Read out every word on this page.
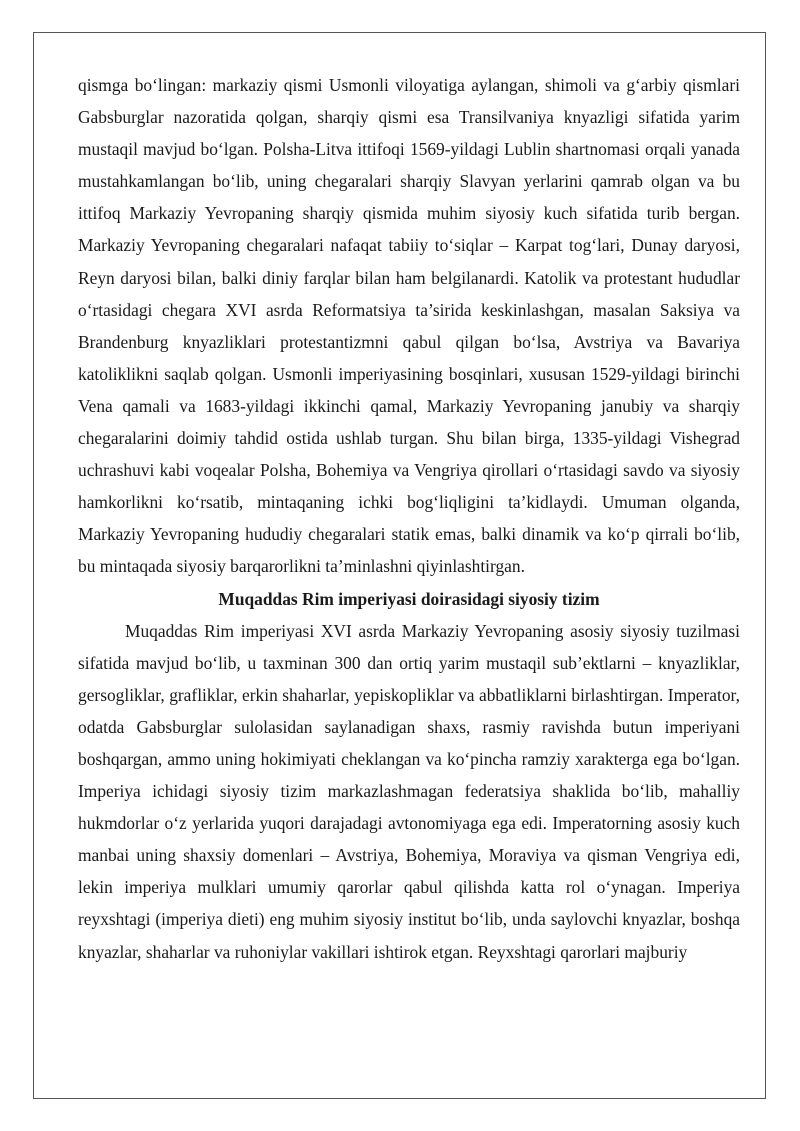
qismga bo‘lingan: markaziy qismi Usmonli viloyatiga aylangan, shimoli va g‘arbiy qismlari Gabsburglar nazoratida qolgan, sharqiy qismi esa Transilvaniya knyazligi sifatida yarim mustaqil mavjud bo‘lgan. Polsha-Litva ittifoqi 1569-yildagi Lublin shartnomasi orqali yanada mustahkamlangan bo‘lib, uning chegaralari sharqiy Slavyan yerlarini qamrab olgan va bu ittifoq Markaziy Yevropaning sharqiy qismida muhim siyosiy kuch sifatida turib bergan. Markaziy Yevropaning chegaralari nafaqat tabiiy to‘siqlar – Karpat tog‘lari, Dunay daryosi, Reyn daryosi bilan, balki diniy farqlar bilan ham belgilanardi. Katolik va protestant hududlar o‘rtasidagi chegara XVI asrda Reformatsiya ta’sirida keskinlashgan, masalan Saksiya va Brandenburg knyazliklari protestantizmni qabul qilgan bo‘lsa, Avstriya va Bavariya katoliklikni saqlab qolgan. Usmonli imperiyasining bosqinlari, xususan 1529-yildagi birinchi Vena qamali va 1683-yildagi ikkinchi qamal, Markaziy Yevropaning janubiy va sharqiy chegaralarini doimiy tahdid ostida ushlab turgan. Shu bilan birga, 1335-yildagi Vishegrad uchrashuvi kabi voqealar Polsha, Bohemiya va Vengriya qirollari o‘rtasidagi savdo va siyosiy hamkorlikni ko‘rsatib, mintaqaning ichki bog‘liqligini ta’kidlaydi. Umuman olganda, Markaziy Yevropaning hududiy chegaralari statik emas, balki dinamik va ko‘p qirrali bo‘lib, bu mintaqada siyosiy barqarorlikni ta’minlashni qiyinlashtirgan.

Muqaddas Rim imperiyasi doirasidagi siyosiy tizim

Muqaddas Rim imperiyasi XVI asrda Markaziy Yevropaning asosiy siyosiy tuzilmasi sifatida mavjud bo‘lib, u taxminan 300 dan ortiq yarim mustaqil sub’ektlarni – knyazliklar, gersogliklar, grafliklar, erkin shaharlar, yepiskopliklar va abbatliklarni birlashtirgan. Imperator, odatda Gabsburglar sulolasidan saylanadigan shaxs, rasmiy ravishda butun imperiyani boshqargan, ammo uning hokimiyati cheklangan va ko‘pincha ramziy xarakterga ega bo‘lgan. Imperiya ichidagi siyosiy tizim markazlashmagan federatsiya shaklida bo‘lib, mahalliy hukmdorlar o‘z yerlarida yuqori darajadagi avtonomiyaga ega edi. Imperatorning asosiy kuch manbai uning shaxsiy domenlari – Avstriya, Bohemiya, Moraviya va qisman Vengriya edi, lekin imperiya mulklari umumiy qarorlar qabul qilishda katta rol o‘ynagan. Imperiya reyxshtagi (imperiya dieti) eng muhim siyosiy institut bo‘lib, unda saylovchi knyazlar, boshqa knyazlar, shaharlar va ruhoniylar vakillari ishtirok etgan. Reyxshtagi qarorlari majburiy
